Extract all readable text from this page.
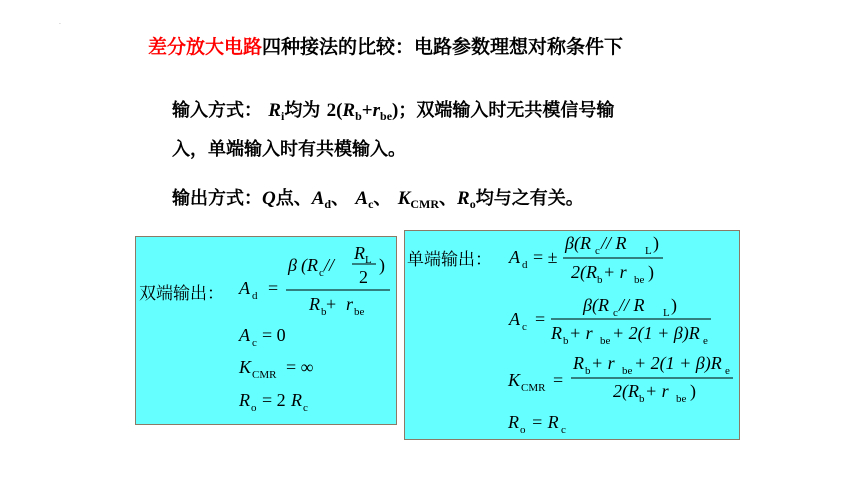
·
差分放大电路四种接法的比较：电路参数理想对称条件下
输入方式： $R_i$均为 $2(R_b+r_{be})$；双端输入时无共模信号输
入，单端输入时有共模输入。
输出方式：Q点、$A_d$、 $A_c$、 $K_{CMR}$、$R_o$均与之有关。
双端输出： A d =
β (R c //
R L
2
)
R b + r be
A c = 0
K CMR = ∞
R o = 2 R c
单端输出： A d = ±
β(R c // R L )
2(R b + r be )
A c =
β(R c // R L )
R b + r be + 2(1 + β)R e
K CMR =
R b + r be + 2(1 + β)R e
2(R b + r be )
R o = R c
